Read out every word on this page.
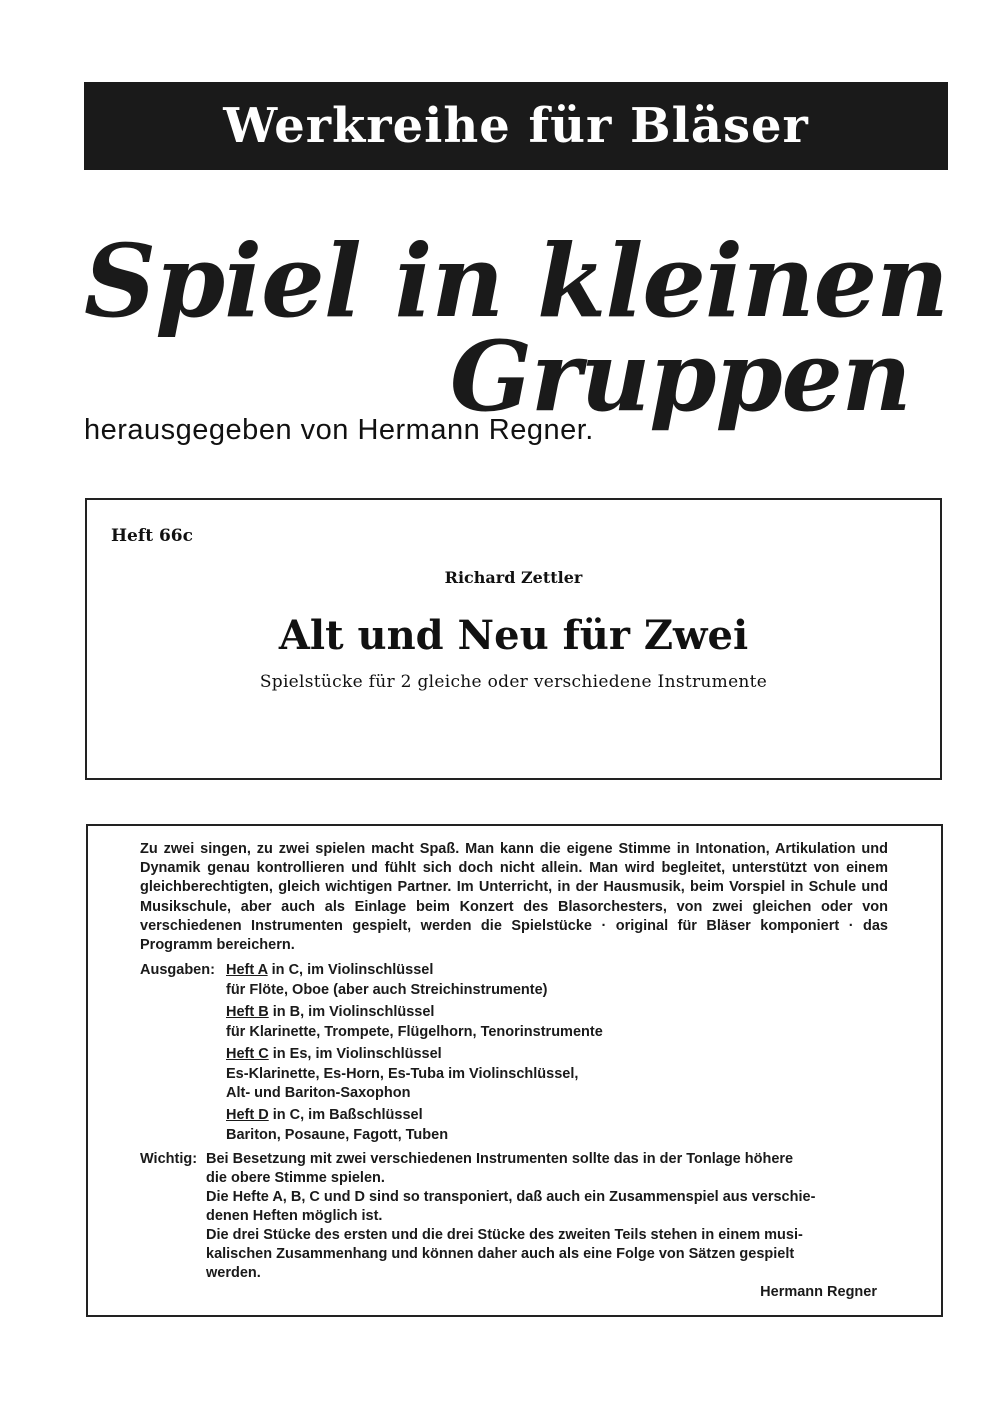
Werkreihe für Bläser
Spiel in kleinen
Gruppen
herausgegeben von Hermann Regner.
Heft 66c
Richard Zettler
Alt und Neu für Zwei
Spielstücke für 2 gleiche oder verschiedene Instrumente
Zu zwei singen, zu zwei spielen macht Spaß. Man kann die eigene Stimme in Intonation, Artikulation und Dynamik genau kontrollieren und fühlt sich doch nicht allein. Man wird begleitet, unterstützt von einem gleichberechtigten, gleich wichtigen Partner. Im Unterricht, in der Hausmusik, beim Vorspiel in Schule und Musikschule, aber auch als Einlage beim Konzert des Blasorchesters, von zwei gleichen oder von verschiedenen Instrumenten gespielt, werden die Spielstücke · original für Bläser komponiert · das Programm bereichern.
Ausgaben: Heft A in C, im Violinschlüssel
für Flöte, Oboe (aber auch Streichinstrumente)
Heft B in B, im Violinschlüssel
für Klarinette, Trompete, Flügelhorn, Tenorinstrumente
Heft C in Es, im Violinschlüssel
Es-Klarinette, Es-Horn, Es-Tuba im Violinschlüssel,
Alt- und Bariton-Saxophon
Heft D in C, im Baßschlüssel
Bariton, Posaune, Fagott, Tuben
Wichtig: Bei Besetzung mit zwei verschiedenen Instrumenten sollte das in der Tonlage höhere
die obere Stimme spielen.
Die Hefte A, B, C und D sind so transponiert, daß auch ein Zusammenspiel aus verschie-
denen Heften möglich ist.
Die drei Stücke des ersten und die drei Stücke des zweiten Teils stehen in einem musi-
kalischen Zusammenhang und können daher auch als eine Folge von Sätzen gespielt
werden.
Hermann Regner
